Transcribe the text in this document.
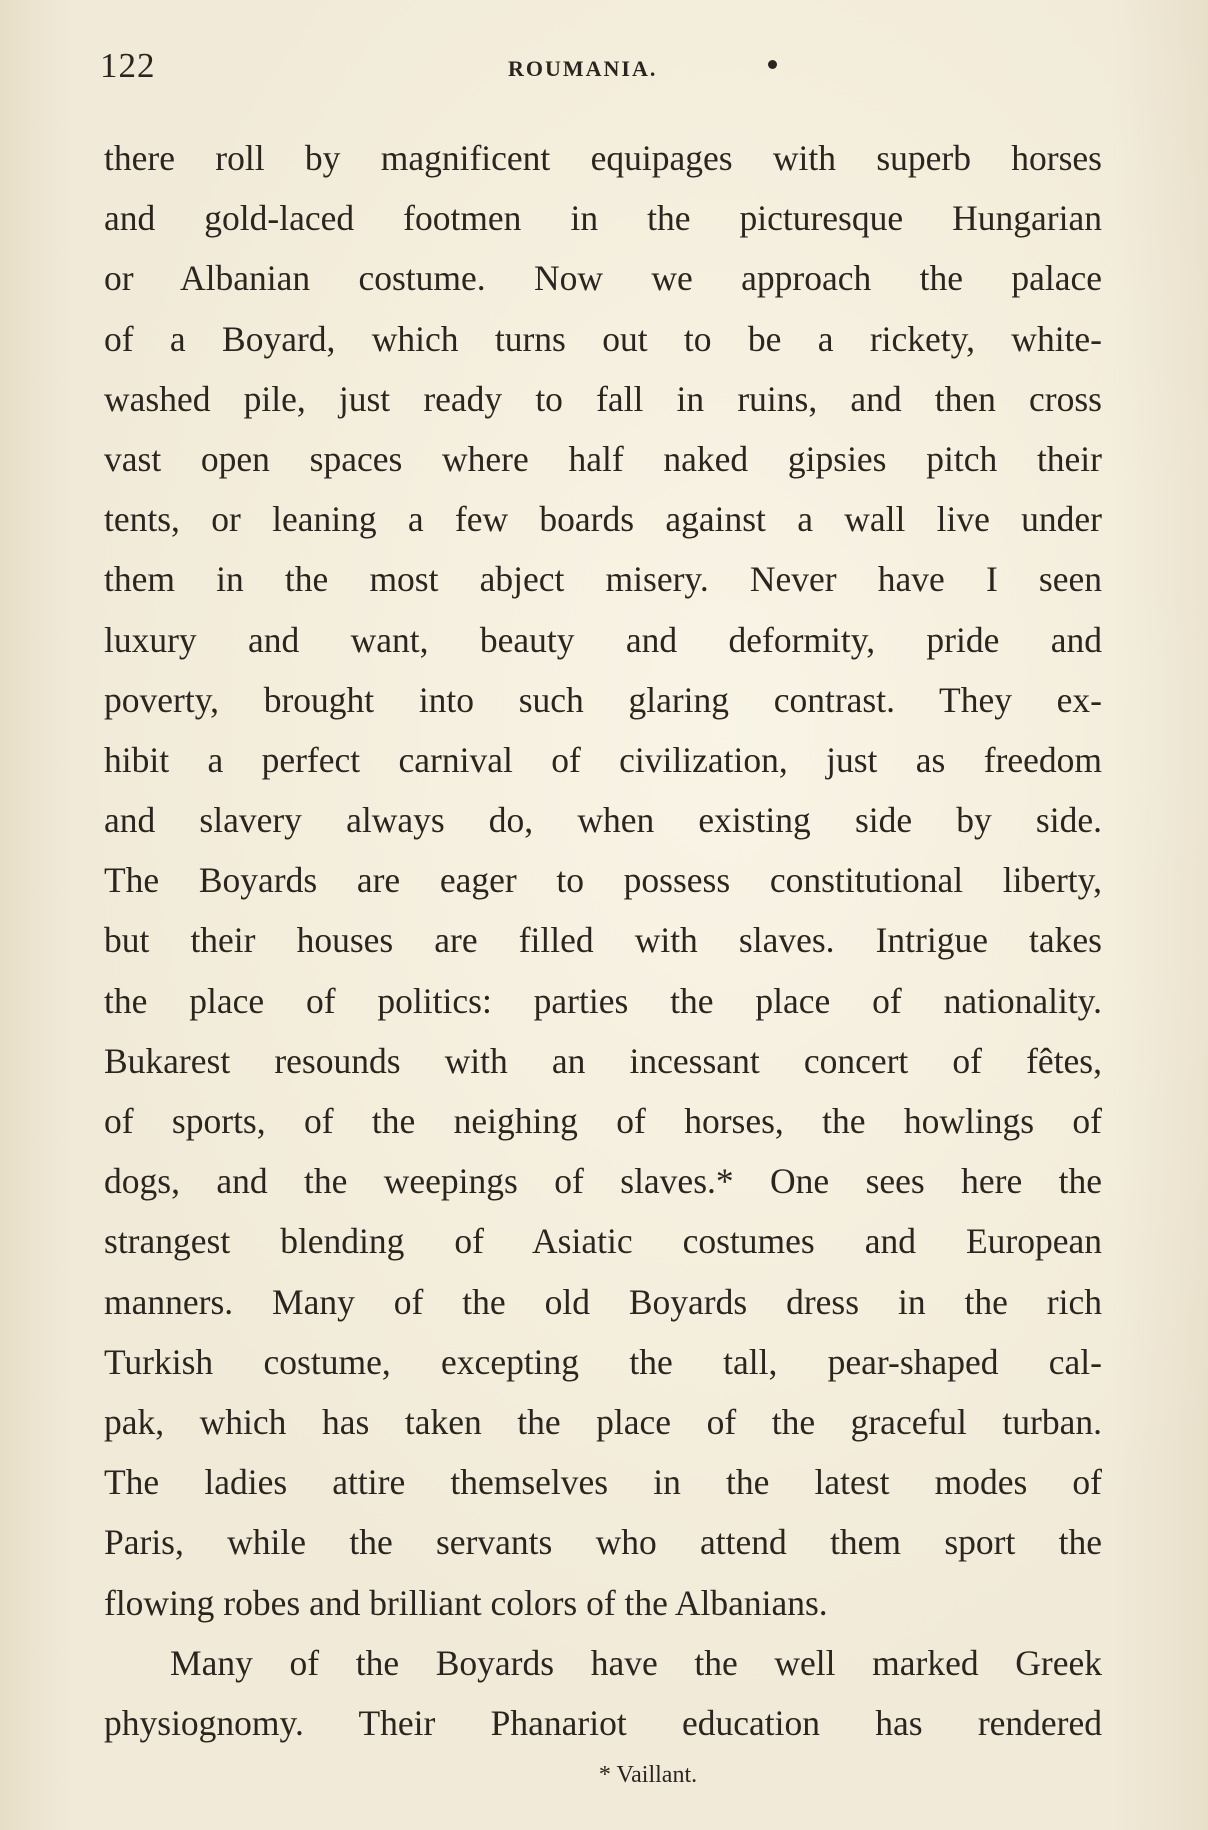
122	ROUMANIA.
there roll by magnificent equipages with superb horses
and gold-laced footmen in the picturesque Hungarian
or Albanian costume. Now we approach the palace
of a Boyard, which turns out to be a rickety, white-
washed pile, just ready to fall in ruins, and then cross
vast open spaces where half naked gipsies pitch their
tents, or leaning a few boards against a wall live under
them in the most abject misery. Never have I seen
luxury and want, beauty and deformity, pride and
poverty, brought into such glaring contrast. They ex-
hibit a perfect carnival of civilization, just as freedom
and slavery always do, when existing side by side.
The Boyards are eager to possess constitutional liberty,
but their houses are filled with slaves. Intrigue takes
the place of politics: parties the place of nationality.
Bukarest resounds with an incessant concert of fêtes,
of sports, of the neighing of horses, the howlings of
dogs, and the weepings of slaves.* One sees here the
strangest blending of Asiatic costumes and European
manners. Many of the old Boyards dress in the rich
Turkish costume, excepting the tall, pear-shaped cal-
pak, which has taken the place of the graceful turban.
The ladies attire themselves in the latest modes of
Paris, while the servants who attend them sport the
flowing robes and brilliant colors of the Albanians.
Many of the Boyards have the well marked Greek
physiognomy. Their Phanariot education has rendered
* Vaillant.
